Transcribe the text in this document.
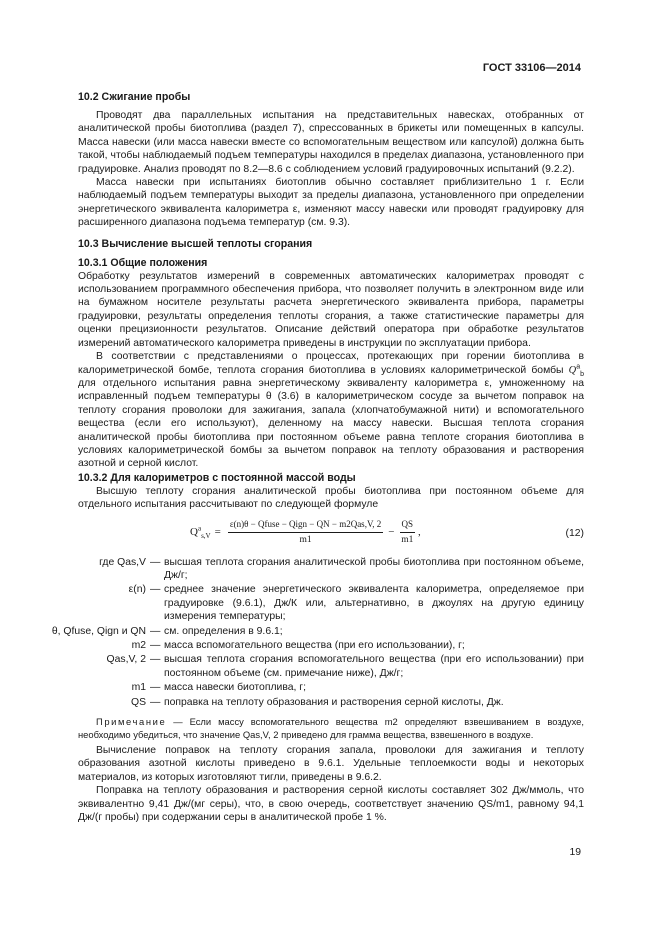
ГОСТ 33106—2014
10.2 Сжигание пробы

Проводят два параллельных испытания на представительных навесках, отобранных от аналитической пробы биотоплива (раздел 7), спрессованных в брикеты или помещенных в капсулы. Масса навески (или масса навески вместе со вспомогательным веществом или капсулой) должна быть такой, чтобы наблюдаемый подъем температуры находился в пределах диапазона, установленного при градуировке. Анализ проводят по 8.2—8.6 с соблюдением условий градуировочных испытаний (9.2.2).

Масса навески при испытаниях биотоплив обычно составляет приблизительно 1 г. Если наблюдаемый подъем температуры выходит за пределы диапазона, установленного при определении энергетического эквивалента калориметра ε, изменяют массу навески или проводят градуировку для расширенного диапазона подъема температур (см. 9.3).

10.3 Вычисление высшей теплоты сгорания
10.3.1 Общие положения

Обработку результатов измерений в современных автоматических калориметрах проводят с использованием программного обеспечения прибора, что позволяет получить в электронном виде или на бумажном носителе результаты расчета энергетического эквивалента прибора, параметры градуировки, результаты определения теплоты сгорания, а также статистические параметры для оценки прецизионности результатов. Описание действий оператора при обработке результатов измерений автоматического калориметра приведены в инструкции по эксплуатации прибора.

В соответствии с представлениями о процессах, протекающих при горении биотоплива в калориметрической бомбе, теплота сгорания биотоплива в условиях калориметрической бомбы $Q^a_b$ для отдельного испытания равна энергетическому эквиваленту калориметра ε, умноженному на исправленный подъем температуры θ (3.6) в калориметрическом сосуде за вычетом поправок на теплоту сгорания проволоки для зажигания, запала (хлопчатобумажной нити) и вспомогательного вещества (если его используют), деленному на массу навески. Высшая теплота сгорания аналитической пробы биотоплива при постоянном объеме равна теплоте сгорания биотоплива в условиях калориметрической бомбы за вычетом поправок на теплоту образования и растворения азотной и серной кислот.

10.3.2 Для калориметров с постоянной массой воды

Высшую теплоту сгорания аналитической пробы биотоплива при постоянном объеме для отдельного испытания рассчитывают по следующей формуле

$Q^a_{s,V} = \frac{\text{ε(n)θ − Qfuse − Qign − QN − m2Qas,V, 2}}{m1} - \frac{QS}{m1}$ ,	(12)
где Qas,V — высшая теплота сгорания аналитической пробы биотоплива при постоянном объеме, Дж/г;
ε(n) — среднее значение энергетического эквивалента калориметра, определяемое при градуировке (9.6.1), Дж/К или, альтернативно, в джоулях на другую единицу измерения температуры;
θ, Qfuse, Qign и QN — см. определения в 9.6.1;
m2 — масса вспомогательного вещества (при его использовании), г;
Qas,V, 2 — высшая теплота сгорания вспомогательного вещества (при его использовании) при постоянном объеме (см. примечание ниже), Дж/г;
m1 — масса навески биотоплива, г;
QS — поправка на теплоту образования и растворения серной кислоты, Дж.

Примечание — Если массу вспомогательного вещества m2 определяют взвешиванием в воздухе, необходимо убедиться, что значение Qas,V, 2 приведено для грамма вещества, взвешенного в воздухе.

Вычисление поправок на теплоту сгорания запала, проволоки для зажигания и теплоту образования азотной кислоты приведено в 9.6.1. Удельные теплоемкости воды и некоторых материалов, из которых изготовляют тигли, приведены в 9.6.2.

Поправка на теплоту образования и растворения серной кислоты составляет 302 Дж/ммоль, что эквивалентно 9,41 Дж/(мг серы), что, в свою очередь, соответствует значению QS/m1, равному 94,1 Дж/(г пробы) при содержании серы в аналитической пробе 1 %.

19
